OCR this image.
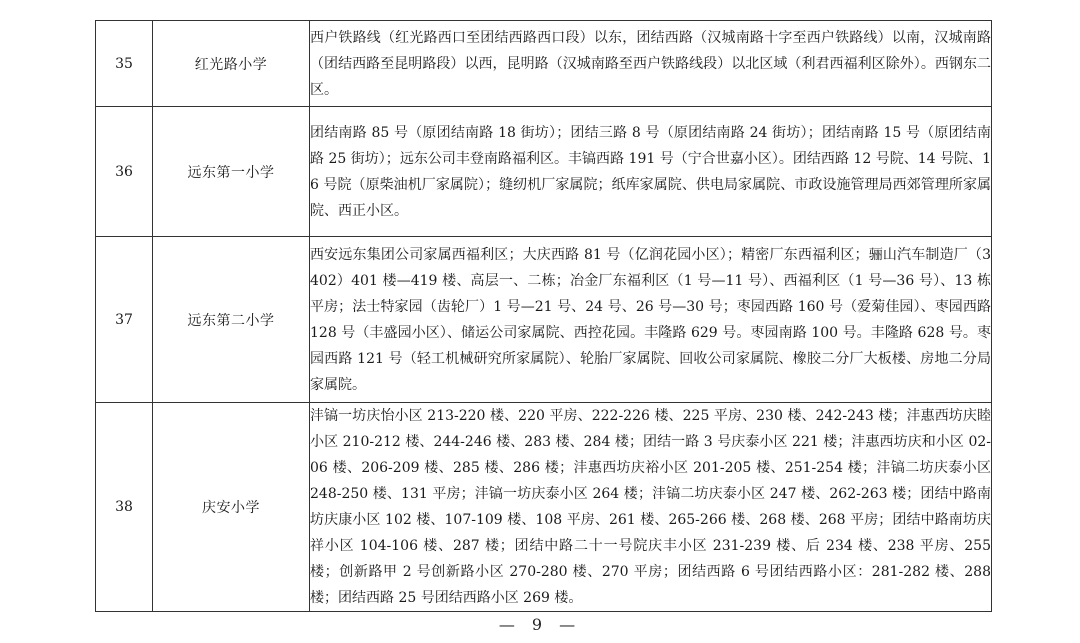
35	红光路小学	西户铁路线（红光路西口至团结西路西口段）以东，团结西路（汉城南路十字至西户铁路线）以南，汉城南路（团结西路至昆明路段）以西，昆明路（汉城南路至西户铁路线段）以北区域（利君西福利区除外）。西钢东二区。
36	远东第一小学	团结南路 85 号（原团结南路 18 街坊）；团结三路 8 号（原团结南路 24 街坊）；团结南路 15 号（原团结南路 25 街坊）；远东公司丰登南路福利区。丰镐西路 191 号（宁合世嘉小区）。团结西路 12 号院、14 号院、16 号院（原柴油机厂家属院）；缝纫机厂家属院；纸库家属院、供电局家属院、市政设施管理局西郊管理所家属院、西正小区。
37	远东第二小学	西安远东集团公司家属西福利区；大庆西路 81 号（亿润花园小区）；精密厂东西福利区；骊山汽车制造厂（3402）401 楼—419 楼、高层一、二栋；冶金厂东福利区（1 号—11 号）、西福利区（1 号—36 号）、13 栋平房；法士特家园（齿轮厂）1 号—21 号、24 号、26 号—30 号；枣园西路 160 号（爱菊佳园）、枣园西路 128 号（丰盛园小区）、储运公司家属院、西控花园。丰隆路 629 号。枣园南路 100 号。丰隆路 628 号。枣园西路 121 号（轻工机械研究所家属院）、轮胎厂家属院、回收公司家属院、橡胶二分厂大板楼、房地二分局家属院。
38	庆安小学	沣镐一坊庆怡小区 213-220 楼、220 平房、222-226 楼、225 平房、230 楼、242-243 楼；沣惠西坊庆睦小区 210-212 楼、244-246 楼、283 楼、284 楼；团结一路 3 号庆泰小区 221 楼；沣惠西坊庆和小区 02-06 楼、206-209 楼、285 楼、286 楼；沣惠西坊庆裕小区 201-205 楼、251-254 楼；沣镐二坊庆泰小区 248-250 楼、131 平房；沣镐一坊庆泰小区 264 楼；沣镐二坊庆泰小区 247 楼、262-263 楼；团结中路南坊庆康小区 102 楼、107-109 楼、108 平房、261 楼、265-266 楼、268 楼、268 平房；团结中路南坊庆祥小区 104-106 楼、287 楼；团结中路二十一号院庆丰小区 231-239 楼、后 234 楼、238 平房、255 楼；创新路甲 2 号创新路小区 270-280 楼、270 平房；团结西路 6 号团结西路小区：281-282 楼、288 楼；团结西路 25 号团结西路小区 269 楼。
— 9 —
